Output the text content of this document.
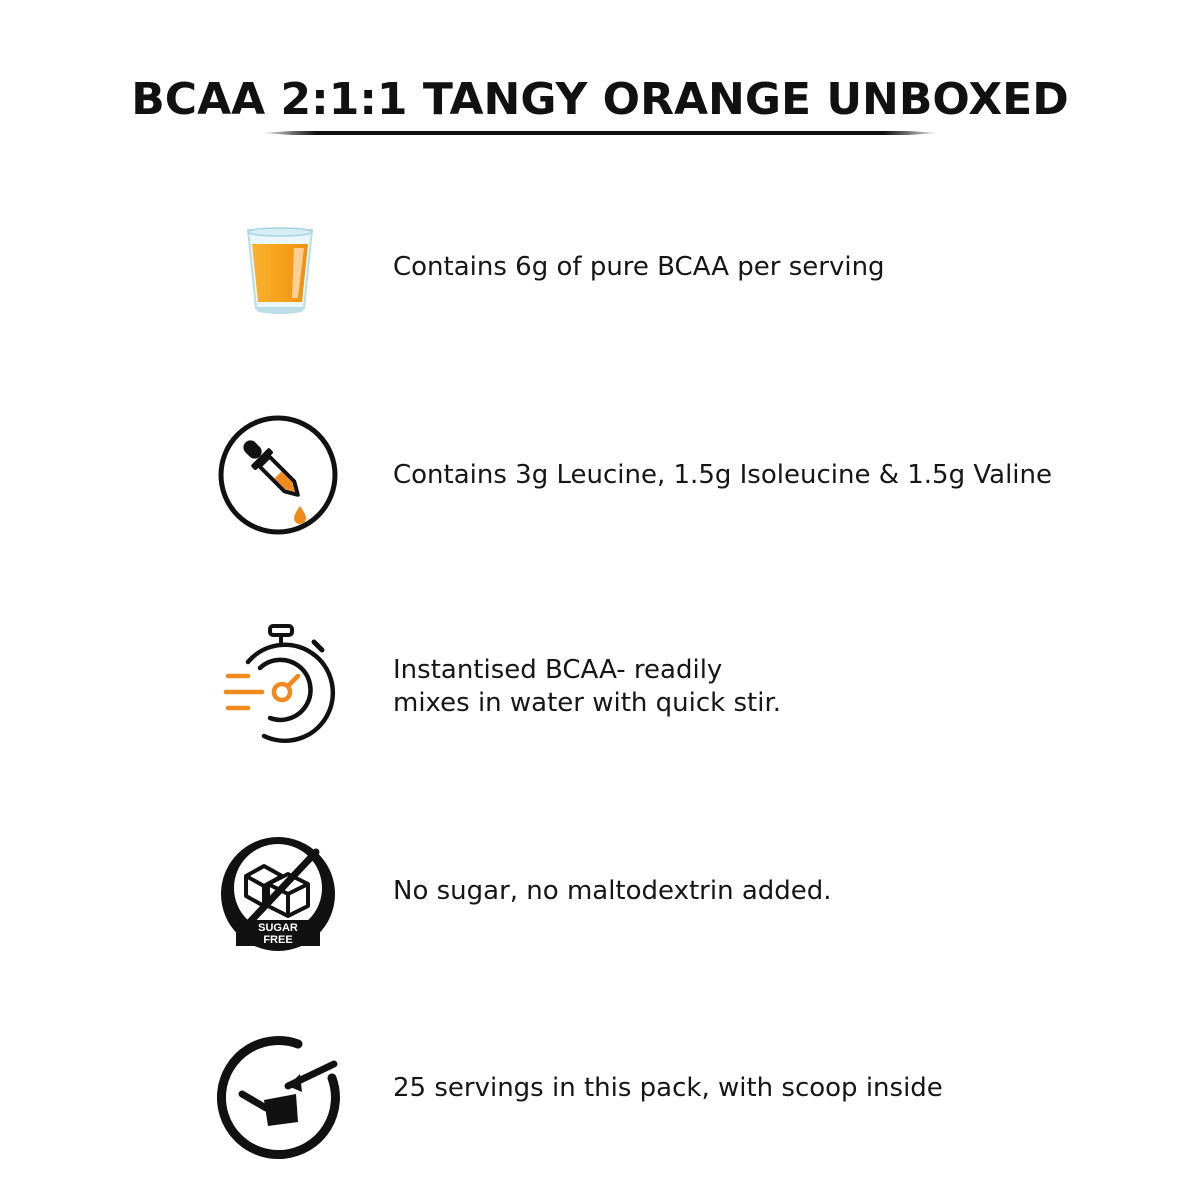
BCAA 2:1:1 TANGY ORANGE UNBOXED

Contains 6g of pure BCAA per serving

Contains 3g Leucine, 1.5g Isoleucine & 1.5g Valine

Instantised BCAA- readily
mixes in water with quick stir.

SUGAR
FREE

No sugar, no maltodextrin added.

25 servings in this pack, with scoop inside
